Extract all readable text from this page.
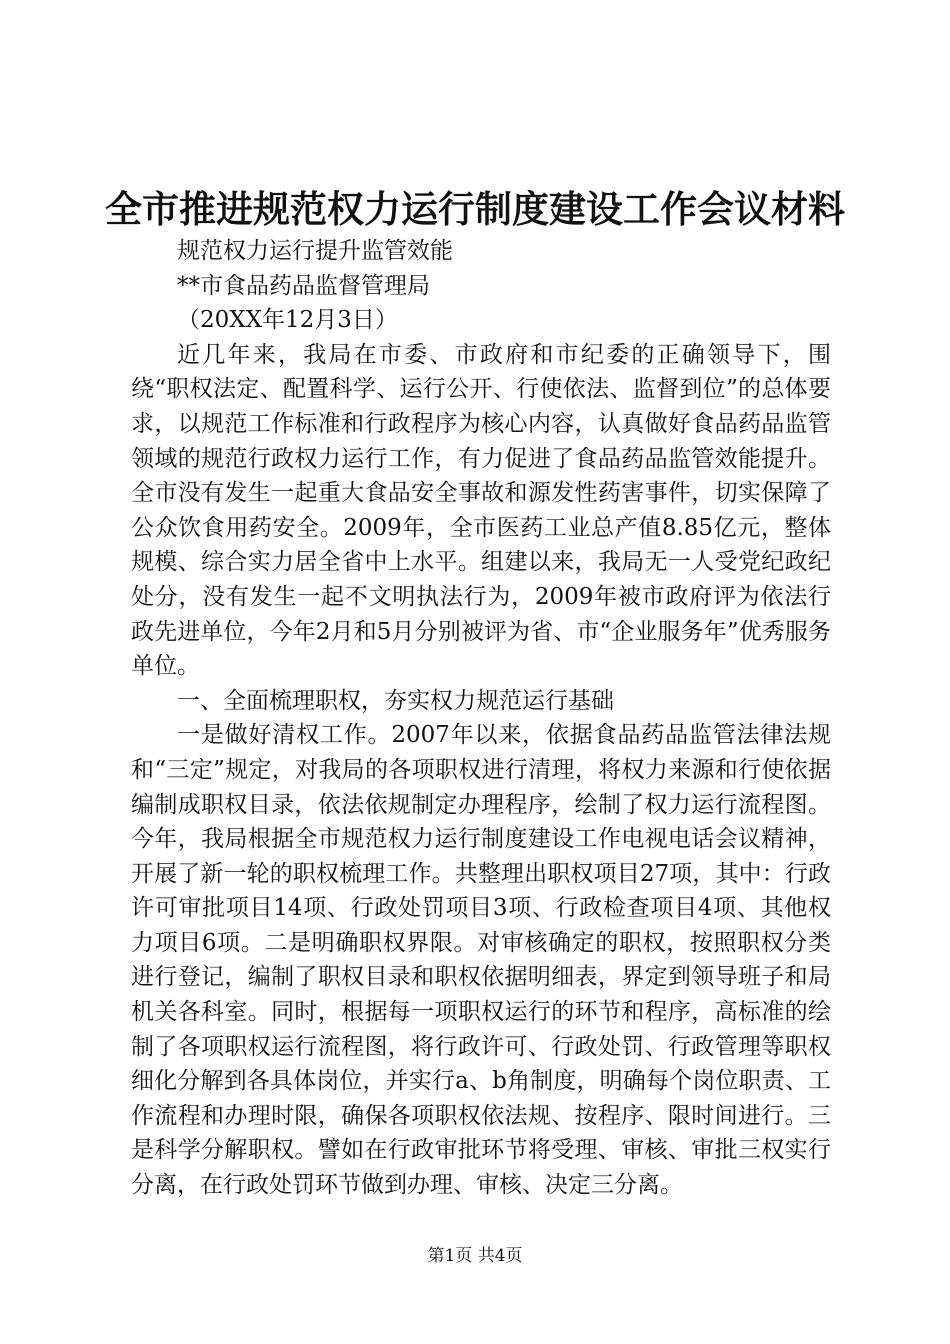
全市推进规范权力运行制度建设工作会议材料

规范权力运行提升监管效能

**市食品药品监督管理局

（20XX年12月3日）

近几年来，我局在市委、市政府和市纪委的正确领导下，围绕“职权法定、配置科学、运行公开、行使依法、监督到位”的总体要求，以规范工作标准和行政程序为核心内容，认真做好食品药品监管领域的规范行政权力运行工作，有力促进了食品药品监管效能提升。全市没有发生一起重大食品安全事故和源发性药害事件，切实保障了公众饮食用药安全。2009年，全市医药工业总产值8.85亿元，整体规模、综合实力居全省中上水平。组建以来，我局无一人受党纪政纪处分，没有发生一起不文明执法行为，2009年被市政府评为依法行政先进单位，今年2月和5月分别被评为省、市“企业服务年”优秀服务单位。

一、全面梳理职权，夯实权力规范运行基础

一是做好清权工作。2007年以来，依据食品药品监管法律法规和“三定”规定，对我局的各项职权进行清理，将权力来源和行使依据编制成职权目录，依法依规制定办理程序，绘制了权力运行流程图。今年，我局根据全市规范权力运行制度建设工作电视电话会议精神，开展了新一轮的职权梳理工作。共整理出职权项目27项，其中：行政许可审批项目14项、行政处罚项目3项、行政检查项目4项、其他权力项目6项。二是明确职权界限。对审核确定的职权，按照职权分类进行登记，编制了职权目录和职权依据明细表，界定到领导班子和局机关各科室。同时，根据每一项职权运行的环节和程序，高标准的绘制了各项职权运行流程图，将行政许可、行政处罚、行政管理等职权细化分解到各具体岗位，并实行a、b角制度，明确每个岗位职责、工作流程和办理时限，确保各项职权依法规、按程序、限时间进行。三是科学分解职权。譬如在行政审批环节将受理、审核、审批三权实行分离，在行政处罚环节做到办理、审核、决定三分离。

第1页 共4页
